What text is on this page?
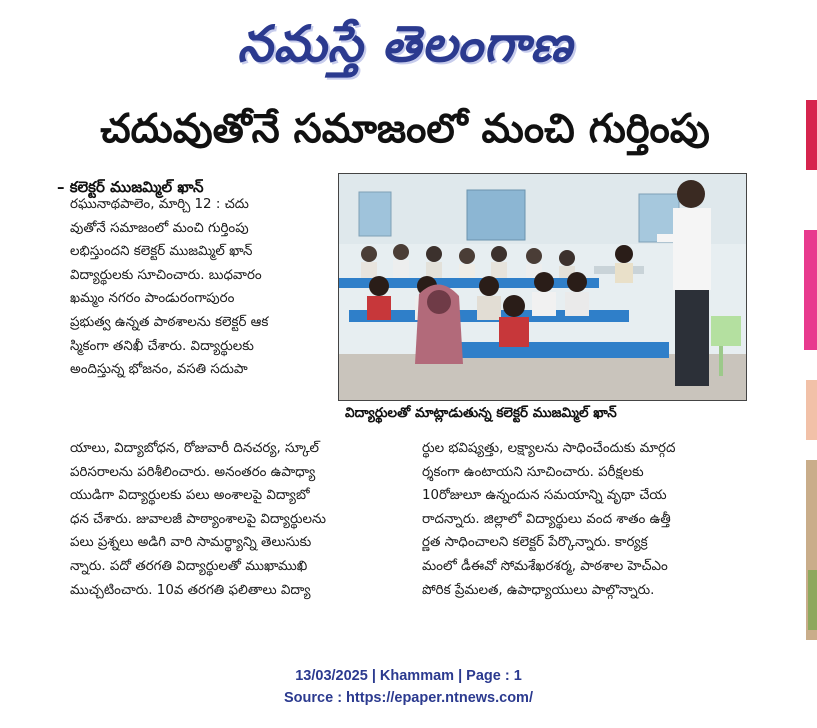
నమస్తే తెలంగాణ
చదువుతోనే సమాజంలో మంచి గుర్తింపు
– కలెక్టర్‌ ముజమ్మిల్‌ ఖాన్‌
విద్యార్థులతో మాట్లాడుతున్న కలెక్టర్‌ ముజమ్మిల్‌ ఖాన్‌

రఘునాథపాలెం, మార్చి 12 : చదు

వుతోనే సమాజంలో మంచి గుర్తింపు

లభిస్తుందని కలెక్టర్‌ ముజమ్మిల్‌ ఖాన్‌

విద్యార్థులకు సూచించారు. బుధవారం

ఖమ్మం నగరం పాండురంగాపురం

ప్రభుత్వ ఉన్నత పాఠశాలను కలెక్టర్‌ ఆక

స్మికంగా తనిఖీ చేశారు. విద్యార్థులకు

అందిస్తున్న భోజనం, వసతి సదుపా

యాలు, విద్యాబోధన, రోజువారీ దినచర్య, స్కూల్‌

పరిసరాలను పరిశీలించారు. అనంతరం ఉపాధ్యా

యుడిగా విద్యార్థులకు పలు అంశాలపై విద్యాబో

ధన చేశారు. జువాలజీ పాఠ్యాంశాలపై విద్యార్థులను

పలు ప్రశ్నలు అడిగి వారి సామర్థ్యాన్ని తెలుసుకు

న్నారు. పదో తరగతి విద్యార్థులతో ముఖాముఖి

ముచ్చటించారు. 10వ తరగతి ఫలితాలు విద్యా

ర్థుల భవిష్యత్తు, లక్ష్యాలను సాధించేందుకు మార్గద

ర్శకంగా ఉంటాయని సూచించారు. పరీక్షలకు

10రోజులూ ఉన్నందున సమయాన్ని వృథా చేయ

రాదన్నారు. జిల్లాలో విద్యార్థులు వంద శాతం ఉత్తీ

ర్ణత సాధించాలని కలెక్టర్‌ పేర్కొన్నారు. కార్యక్ర

మంలో డీఈవో సోమశేఖరశర్మ, పాఠశాల హెచ్‌ఎం

పోరిక ప్రేమలత, ఉపాధ్యాయులు పాల్గొన్నారు.

13/03/2025 | Khammam | Page : 1
Source : https://epaper.ntnews.com/
